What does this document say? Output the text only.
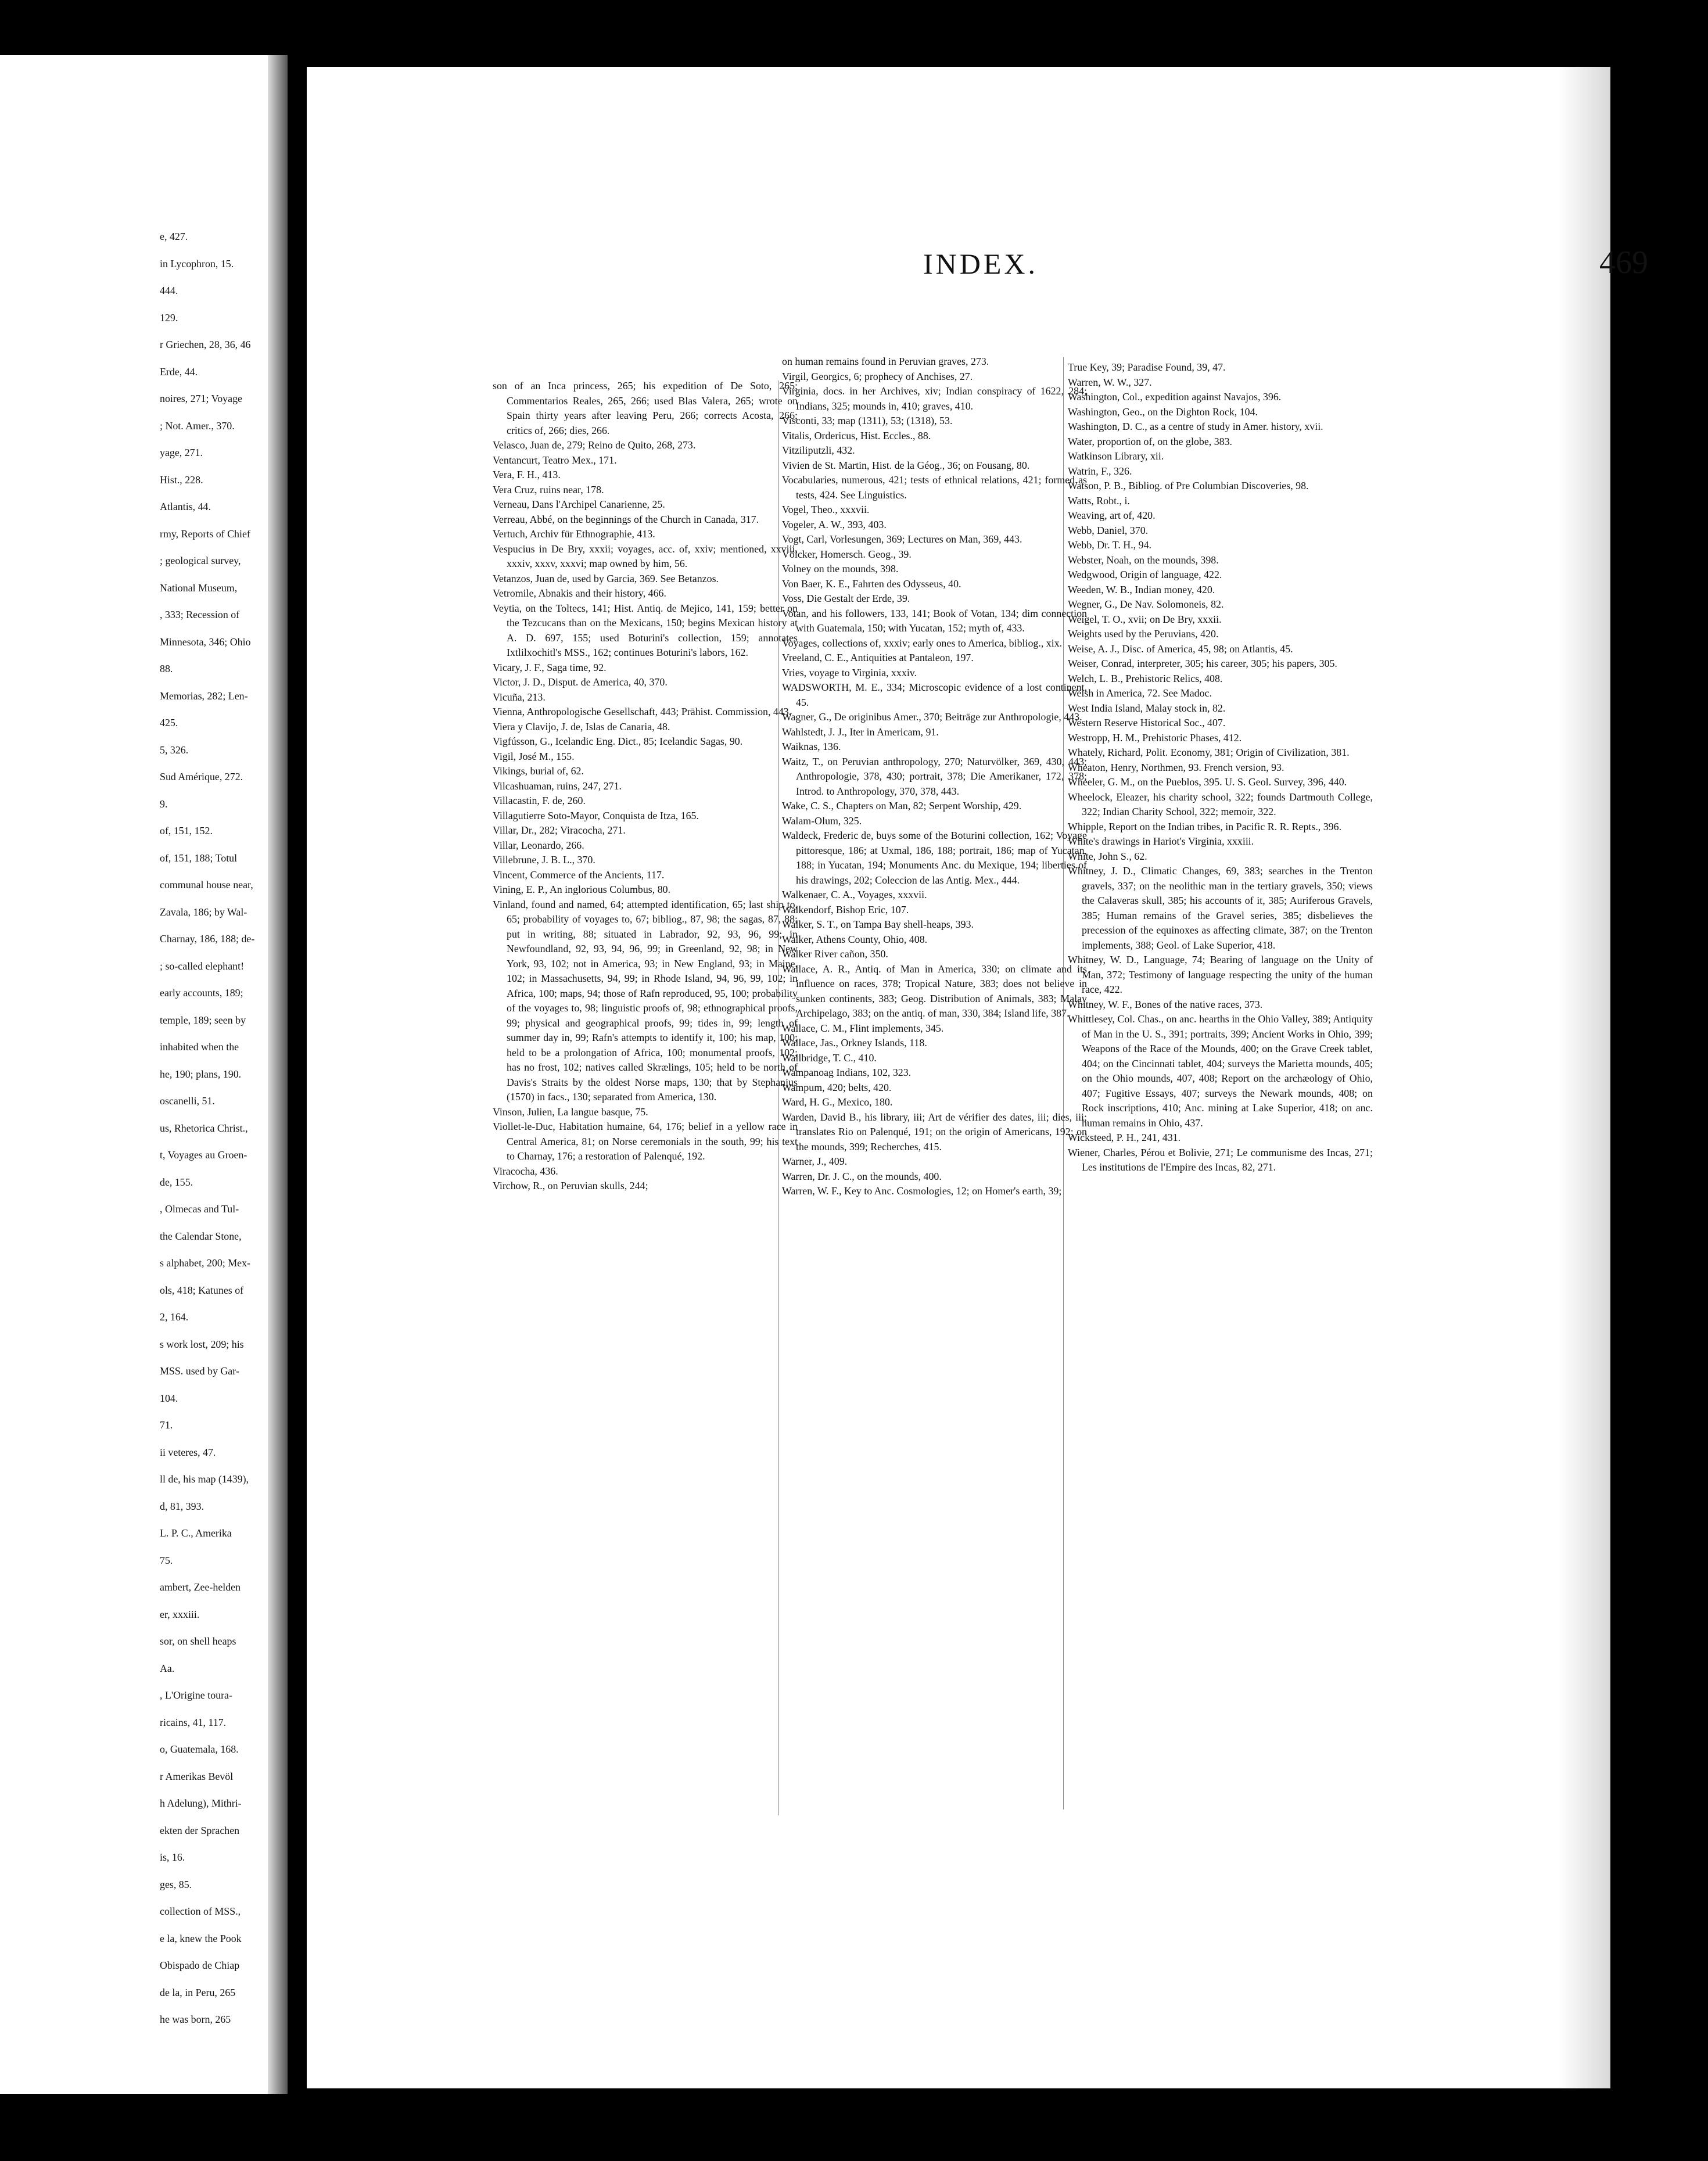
e, 427.

in Lycophron, 15.

444.

129.

r Griechen, 28, 36, 46

Erde, 44.

noires, 271; Voyage

; Not. Amer., 370.

yage, 271.

Hist., 228.

Atlantis, 44.

rmy, Reports of Chief

; geological survey,

National Museum,

, 333; Recession of

Minnesota, 346; Ohio

88.

Memorias, 282; Len-

425.

5, 326.

Sud Amérique, 272.

9.

of, 151, 152.

of, 151, 188; Totul

communal house near,

Zavala, 186; by Wal-

Charnay, 186, 188; de-

; so-called elephant!

early accounts, 189;

temple, 189; seen by

inhabited when the

he, 190; plans, 190.

oscanelli, 51.

us, Rhetorica Christ.,

t, Voyages au Groen-

de, 155.

, Olmecas and Tul-

the Calendar Stone,

s alphabet, 200; Mex-

ols, 418; Katunes of

2, 164.

s work lost, 209; his

MSS. used by Gar-

104.

71.

ii veteres, 47.

ll de, his map (1439),

d, 81, 393.

L. P. C., Amerika

75.

ambert, Zee-helden

er, xxxiii.

sor, on shell heaps

Aa.

, L'Origine toura-

ricains, 41, 117.

o, Guatemala, 168.

r Amerikas Bevöl

h Adelung), Mithri-

ekten der Sprachen

is, 16.

ges, 85.

collection of MSS.,

e la, knew the Pook

Obispado de Chiap

de la, in Peru, 265

he was born, 265

INDEX.	469

son of an Inca princess, 265; his expedition of De Soto, 265; Commentarios Reales, 265, 266; used Blas Valera, 265; wrote on Spain thirty years after leaving Peru, 266; corrects Acosta, 266; critics of, 266; dies, 266.

Velasco, Juan de, 279; Reino de Quito, 268, 273.

Ventancurt, Teatro Mex., 171.

Vera, F. H., 413.

Vera Cruz, ruins near, 178.

Verneau, Dans l'Archipel Canarienne, 25.

Verreau, Abbé, on the beginnings of the Church in Canada, 317.

Vertuch, Archiv für Ethnographie, 413.

Vespucius in De Bry, xxxii; voyages, acc. of, xxiv; mentioned, xxviii, xxxiv, xxxv, xxxvi; map owned by him, 56.

Vetanzos, Juan de, used by Garcia, 369. See Betanzos.

Vetromile, Abnakis and their history, 466.

Veytia, on the Toltecs, 141; Hist. Antiq. de Mejico, 141, 159; better on the Tezcucans than on the Mexicans, 150; begins Mexican history at A. D. 697, 155; used Boturini's collection, 159; annotates Ixtlilxochitl's MSS., 162; continues Boturini's labors, 162.

Vicary, J. F., Saga time, 92.

Victor, J. D., Disput. de America, 40, 370.

Vicuña, 213.

Vienna, Anthropologische Gesellschaft, 443; Prähist. Commission, 443.

Viera y Clavijo, J. de, Islas de Canaria, 48.

Vigfússon, G., Icelandic Eng. Dict., 85; Icelandic Sagas, 90.

Vigil, José M., 155.

Vikings, burial of, 62.

Vilcashuaman, ruins, 247, 271.

Villacastin, F. de, 260.

Villagutierre Soto-Mayor, Conquista de Itza, 165.

Villar, Dr., 282; Viracocha, 271.

Villar, Leonardo, 266.

Villebrune, J. B. L., 370.

Vincent, Commerce of the Ancients, 117.

Vining, E. P., An inglorious Columbus, 80.

Vinland, found and named, 64; attempted identification, 65; last ship to, 65; probability of voyages to, 67; bibliog., 87, 98; the sagas, 87, 88; put in writing, 88; situated in Labrador, 92, 93, 96, 99; in Newfoundland, 92, 93, 94, 96, 99; in Greenland, 92, 98; in New York, 93, 102; not in America, 93; in New England, 93; in Maine, 102; in Massachusetts, 94, 99; in Rhode Island, 94, 96, 99, 102; in Africa, 100; maps, 94; those of Rafn reproduced, 95, 100; probability of the voyages to, 98; linguistic proofs of, 98; ethnographical proofs, 99; physical and geographical proofs, 99; tides in, 99; length of summer day in, 99; Rafn's attempts to identify it, 100; his map, 100; held to be a prolongation of Africa, 100; monumental proofs, 102; has no frost, 102; natives called Skrælings, 105; held to be north of Davis's Straits by the oldest Norse maps, 130; that by Stephanius (1570) in facs., 130; separated from America, 130.

Vinson, Julien, La langue basque, 75.

Viollet-le-Duc, Habitation humaine, 64, 176; belief in a yellow race in Central America, 81; on Norse ceremonials in the south, 99; his text to Charnay, 176; a restoration of Palenqué, 192.

Viracocha, 436.

Virchow, R., on Peruvian skulls, 244;

on human remains found in Peruvian graves, 273.

Virgil, Georgics, 6; prophecy of Anchises, 27.

Virginia, docs. in her Archives, xiv; Indian conspiracy of 1622, 284; Indians, 325; mounds in, 410; graves, 410.

Visconti, 33; map (1311), 53; (1318), 53.

Vitalis, Ordericus, Hist. Eccles., 88.

Vitziliputzli, 432.

Vivien de St. Martin, Hist. de la Géog., 36; on Fousang, 80.

Vocabularies, numerous, 421; tests of ethnical relations, 421; formed as tests, 424. See Linguistics.

Vogel, Theo., xxxvii.

Vogeler, A. W., 393, 403.

Vogt, Carl, Vorlesungen, 369; Lectures on Man, 369, 443.

Völcker, Homersch. Geog., 39.

Volney on the mounds, 398.

Von Baer, K. E., Fahrten des Odysseus, 40.

Voss, Die Gestalt der Erde, 39.

Votan, and his followers, 133, 141; Book of Votan, 134; dim connection with Guatemala, 150; with Yucatan, 152; myth of, 433.

Voyages, collections of, xxxiv; early ones to America, bibliog., xix.

Vreeland, C. E., Antiquities at Pantaleon, 197.

Vries, voyage to Virginia, xxxiv.

WADSWORTH, M. E., 334; Microscopic evidence of a lost continent, 45.

Wagner, G., De originibus Amer., 370; Beiträge zur Anthropologie, 443.

Wahlstedt, J. J., Iter in Americam, 91.

Waiknas, 136.

Waitz, T., on Peruvian anthropology, 270; Naturvölker, 369, 430, 443; Anthropologie, 378, 430; portrait, 378; Die Amerikaner, 172, 378; Introd. to Anthropology, 370, 378, 443.

Wake, C. S., Chapters on Man, 82; Serpent Worship, 429.

Walam-Olum, 325.

Waldeck, Frederic de, buys some of the Boturini collection, 162; Voyage pittoresque, 186; at Uxmal, 186, 188; portrait, 186; map of Yucatan, 188; in Yucatan, 194; Monuments Anc. du Mexique, 194; liberties of his drawings, 202; Coleccion de las Antig. Mex., 444.

Walkenaer, C. A., Voyages, xxxvii.

Walkendorf, Bishop Eric, 107.

Walker, S. T., on Tampa Bay shell-heaps, 393.

Walker, Athens County, Ohio, 408.

Walker River cañon, 350.

Wallace, A. R., Antiq. of Man in America, 330; on climate and its influence on races, 378; Tropical Nature, 383; does not believe in sunken continents, 383; Geog. Distribution of Animals, 383; Malay Archipelago, 383; on the antiq. of man, 330, 384; Island life, 387.

Wallace, C. M., Flint implements, 345.

Wallace, Jas., Orkney Islands, 118.

Wallbridge, T. C., 410.

Wampanoag Indians, 102, 323.

Wampum, 420; belts, 420.

Ward, H. G., Mexico, 180.

Warden, David B., his library, iii; Art de vérifier des dates, iii; dies, iii; translates Rio on Palenqué, 191; on the origin of Americans, 192; on the mounds, 399; Recherches, 415.

Warner, J., 409.

Warren, Dr. J. C., on the mounds, 400.

Warren, W. F., Key to Anc. Cosmologies, 12; on Homer's earth, 39;

True Key, 39; Paradise Found, 39, 47.

Warren, W. W., 327.

Washington, Col., expedition against Navajos, 396.

Washington, Geo., on the Dighton Rock, 104.

Washington, D. C., as a centre of study in Amer. history, xvii.

Water, proportion of, on the globe, 383.

Watkinson Library, xii.

Watrin, F., 326.

Watson, P. B., Bibliog. of Pre Columbian Discoveries, 98.

Watts, Robt., i.

Weaving, art of, 420.

Webb, Daniel, 370.

Webb, Dr. T. H., 94.

Webster, Noah, on the mounds, 398.

Wedgwood, Origin of language, 422.

Weeden, W. B., Indian money, 420.

Wegner, G., De Nav. Solomoneis, 82.

Weigel, T. O., xvii; on De Bry, xxxii.

Weights used by the Peruvians, 420.

Weise, A. J., Disc. of America, 45, 98; on Atlantis, 45.

Weiser, Conrad, interpreter, 305; his career, 305; his papers, 305.

Welch, L. B., Prehistoric Relics, 408.

Welsh in America, 72. See Madoc.

West India Island, Malay stock in, 82.

Western Reserve Historical Soc., 407.

Westropp, H. M., Prehistoric Phases, 412.

Whately, Richard, Polit. Economy, 381; Origin of Civilization, 381.

Wheaton, Henry, Northmen, 93. French version, 93.

Wheeler, G. M., on the Pueblos, 395. U. S. Geol. Survey, 396, 440.

Wheelock, Eleazer, his charity school, 322; founds Dartmouth College, 322; Indian Charity School, 322; memoir, 322.

Whipple, Report on the Indian tribes, in Pacific R. R. Repts., 396.

White's drawings in Hariot's Virginia, xxxiii.

White, John S., 62.

Whitney, J. D., Climatic Changes, 69, 383; searches in the Trenton gravels, 337; on the neolithic man in the tertiary gravels, 350; views the Calaveras skull, 385; his accounts of it, 385; Auriferous Gravels, 385; Human remains of the Gravel series, 385; disbelieves the precession of the equinoxes as affecting climate, 387; on the Trenton implements, 388; Geol. of Lake Superior, 418.

Whitney, W. D., Language, 74; Bearing of language on the Unity of Man, 372; Testimony of language respecting the unity of the human race, 422.

Whitney, W. F., Bones of the native races, 373.

Whittlesey, Col. Chas., on anc. hearths in the Ohio Valley, 389; Antiquity of Man in the U. S., 391; portraits, 399; Ancient Works in Ohio, 399; Weapons of the Race of the Mounds, 400; on the Grave Creek tablet, 404; on the Cincinnati tablet, 404; surveys the Marietta mounds, 405; on the Ohio mounds, 407, 408; Report on the archæology of Ohio, 407; Fugitive Essays, 407; surveys the Newark mounds, 408; on Rock inscriptions, 410; Anc. mining at Lake Superior, 418; on anc. human remains in Ohio, 437.

Wicksteed, P. H., 241, 431.

Wiener, Charles, Pérou et Bolivie, 271; Le communisme des Incas, 271; Les institutions de l'Empire des Incas, 82, 271.
